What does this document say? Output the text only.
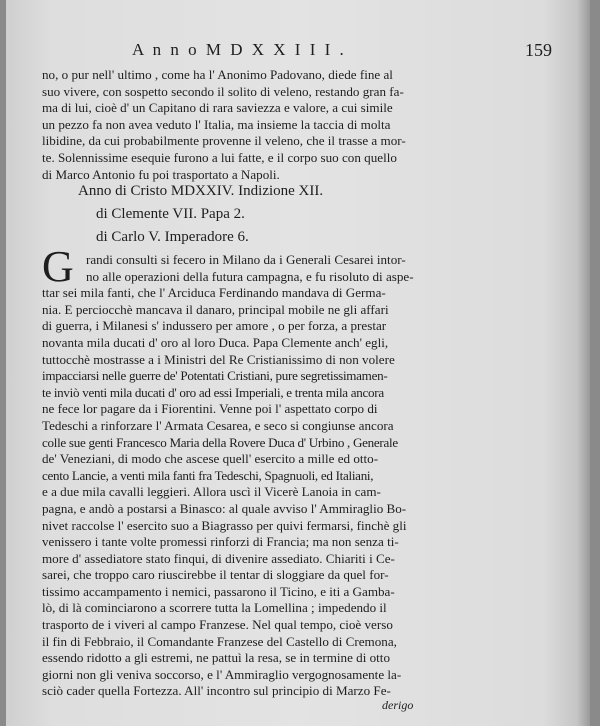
A n n o M D X X I I I .	159
no, o pur nell' ultimo , come ha l' Anonimo Padovano, diede fine al
suo vivere, con sospetto secondo il solito di veleno, restando gran fa-
ma di lui, cioè d' un Capitano di rara saviezza e valore, a cui simile
un pezzo fa non avea veduto l' Italia, ma insieme la taccia di molta
libidine, da cui probabilmente provenne il veleno, che il trasse a mor-
te. Solennissime esequie furono a lui fatte, e il corpo suo con quello
di Marco Antonio fu poi trasportato a Napoli.
Anno di Cristo MDXXIV. Indizione XII.
di Clemente VII. Papa 2.
di Carlo V. Imperadore 6.
G randi consulti si fecero in Milano da i Generali Cesarei intor-
no alle operazioni della futura campagna, e fu risoluto di aspe-
ttar sei mila fanti, che l' Arciduca Ferdinando mandava di Germa-
nia. E perciocchè mancava il danaro, principal mobile ne gli affari
di guerra, i Milanesi s' indussero per amore , o per forza, a prestar
novanta mila ducati d' oro al loro Duca. Papa Clemente anch' egli,
tuttocchè mostrasse a i Ministri del Re Cristianissimo di non volere
impacciarsi nelle guerre de' Potentati Cristiani, pure segretissimamen-
te inviò venti mila ducati d' oro ad essi Imperiali, e trenta mila ancora
ne fece lor pagare da i Fiorentini. Venne poi l' aspettato corpo di
Tedeschi a rinforzare l' Armata Cesarea, e seco si congiunse ancora
colle sue genti Francesco Maria della Rovere Duca d' Urbino , Generale
de' Veneziani, di modo che ascese quell' esercito a mille ed otto-
cento Lancie, a venti mila fanti fra Tedeschi, Spagnuoli, ed Italiani,
e a due mila cavalli leggieri. Allora uscì il Vicerè Lanoia in cam-
pagna, e andò a postarsi a Binasco: al quale avviso l' Ammiraglio Bo-
nivet raccolse l' esercito suo a Biagrasso per quivi fermarsi, finchè gli
venissero i tante volte promessi rinforzi di Francia; ma non senza ti-
more d' assediatore stato finqui, di divenire assediato. Chiariti i Ce-
sarei, che troppo caro riuscirebbe il tentar di sloggiare da quel for-
tissimo accampamento i nemici, passarono il Ticino, e iti a Gamba-
lò, di là cominciarono a scorrere tutta la Lomellina ; impedendo il
trasporto de i viveri al campo Franzese. Nel qual tempo, cioè verso
il fin di Febbraio, il Comandante Franzese del Castello di Cremona,
essendo ridotto a gli estremi, ne pattuì la resa, se in termine di otto
giorni non gli veniva soccorso, e l' Ammiraglio vergognosamente la-
sciò cader quella Fortezza. All' incontro sul principio di Marzo Fe-
derigo
